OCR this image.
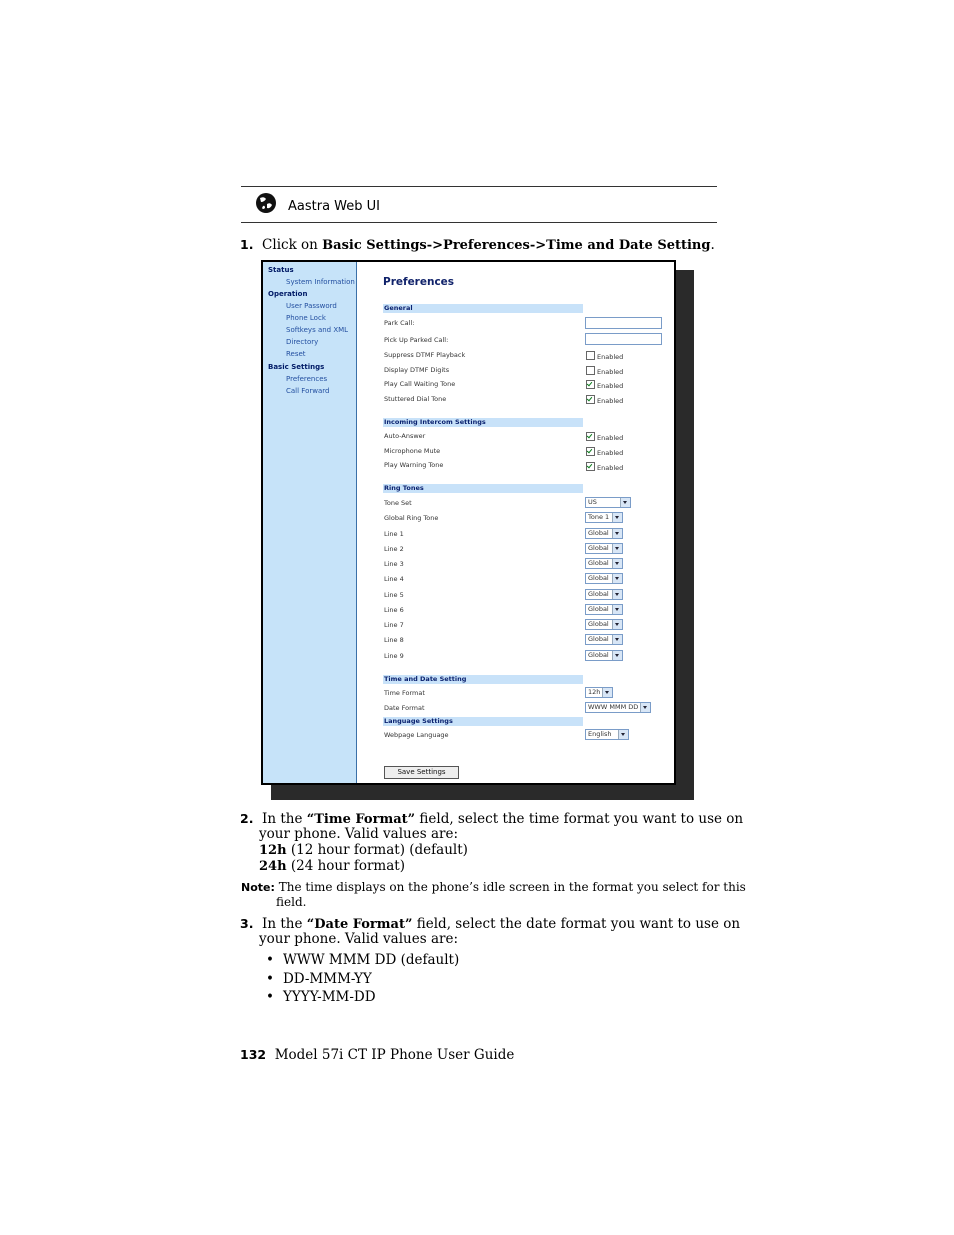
Aastra Web UI
1. Click on Basic Settings->Preferences->Time and Date Setting.
Status
System Information
Operation
User Password
Phone Lock
Softkeys and XML
Directory
Reset
Basic Settings
Preferences
Call Forward
Preferences
General
Park Call:
Pick Up Parked Call:
Suppress DTMF Playback	Enabled
Display DTMF Digits	Enabled
Play Call Waiting Tone	Enabled
Stuttered Dial Tone	Enabled
Incoming Intercom Settings
Auto-Answer	Enabled
Microphone Mute	Enabled
Play Warning Tone	Enabled
Ring Tones
Tone Set	US
Global Ring Tone	Tone 1
Line 1	Global
Line 2	Global
Line 3	Global
Line 4	Global
Line 5	Global
Line 6	Global
Line 7	Global
Line 8	Global
Line 9	Global
Time and Date Setting
Time Format	12h
Date Format	WWW MMM DD
Language Settings
Webpage Language	English
Save Settings
2. In the “Time Format” field, select the time format you want to use on
your phone. Valid values are:
12h (12 hour format) (default)
24h (24 hour format)
Note: The time displays on the phone’s idle screen in the format you select for this
field.
3. In the “Date Format” field, select the date format you want to use on
your phone. Valid values are:
• WWW MMM DD (default)
• DD-MMM-YY
• YYYY-MM-DD
132 Model 57i CT IP Phone User Guide
